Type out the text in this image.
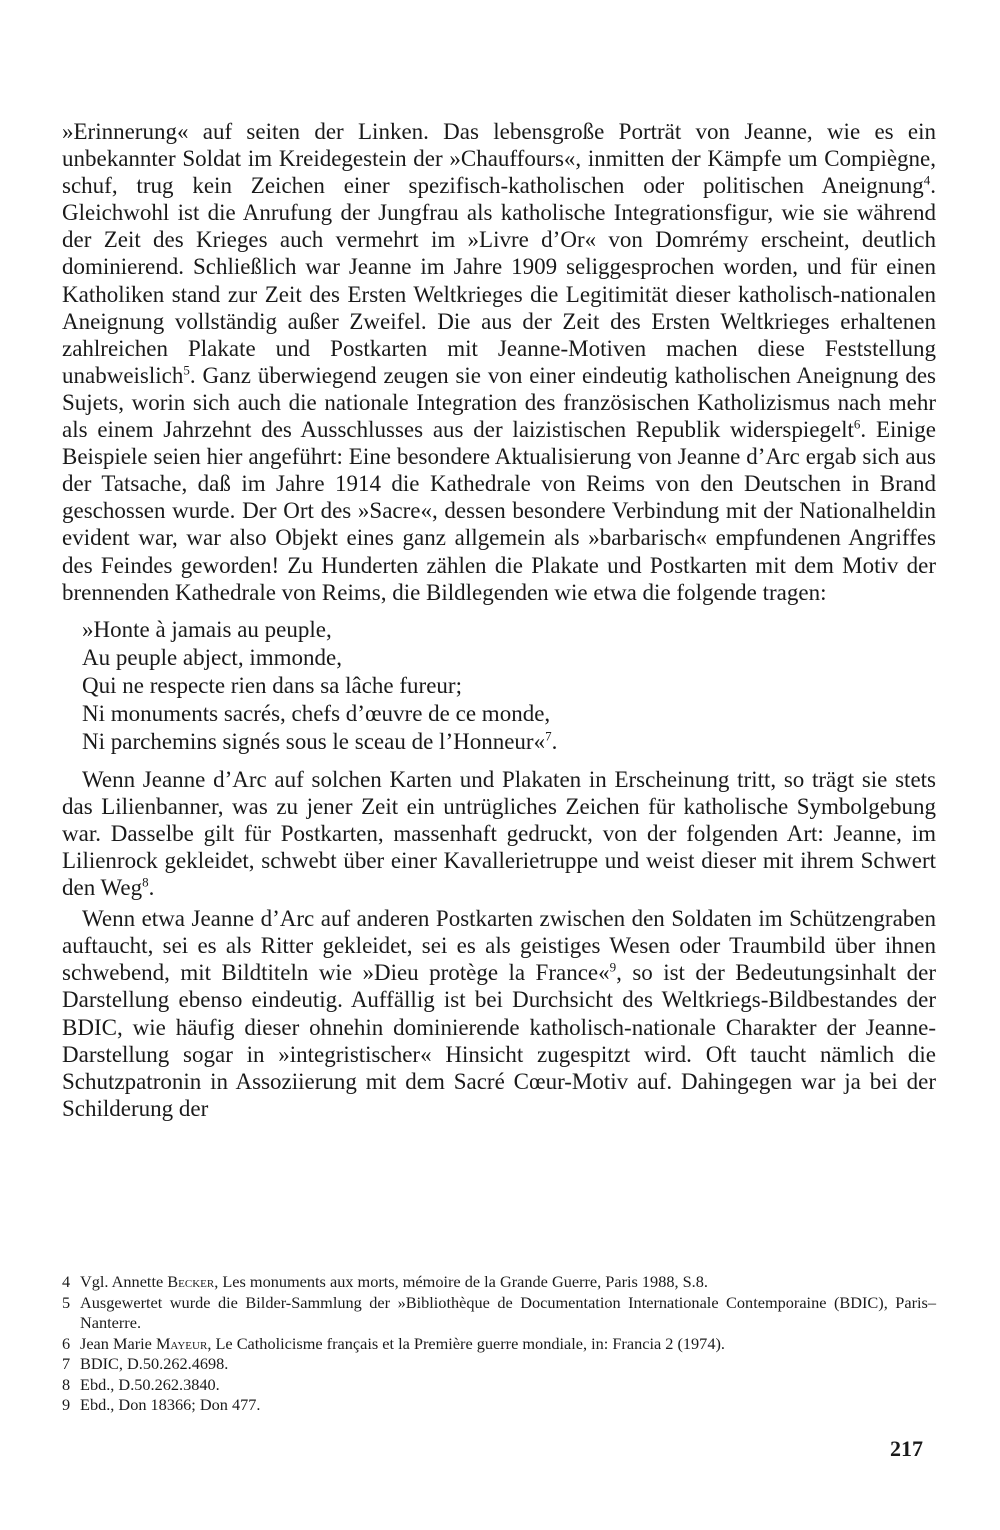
»Erinnerung« auf seiten der Linken. Das lebensgroße Porträt von Jeanne, wie es ein unbekannter Soldat im Kreidegestein der »Chauffours«, inmitten der Kämpfe um Compiègne, schuf, trug kein Zeichen einer spezifisch-katholischen oder politischen Aneignung$^4$. Gleichwohl ist die Anrufung der Jungfrau als katholische Integrationsfigur, wie sie während der Zeit des Krieges auch vermehrt im »Livre d’Or« von Domrémy erscheint, deutlich dominierend. Schließlich war Jeanne im Jahre 1909 seliggesprochen worden, und für einen Katholiken stand zur Zeit des Ersten Weltkrieges die Legitimität dieser katholisch-nationalen Aneignung vollständig außer Zweifel. Die aus der Zeit des Ersten Weltkrieges erhaltenen zahlreichen Plakate und Postkarten mit Jeanne-Motiven machen diese Feststellung unabweislich$^5$. Ganz überwiegend zeugen sie von einer eindeutig katholischen Aneignung des Sujets, worin sich auch die nationale Integration des französischen Katholizismus nach mehr als einem Jahrzehnt des Ausschlusses aus der laizistischen Republik widerspiegelt$^6$. Einige Beispiele seien hier angeführt: Eine besondere Aktualisierung von Jeanne d’Arc ergab sich aus der Tatsache, daß im Jahre 1914 die Kathedrale von Reims von den Deutschen in Brand geschossen wurde. Der Ort des »Sacre«, dessen besondere Verbindung mit der Nationalheldin evident war, war also Objekt eines ganz allgemein als »barbarisch« empfundenen Angriffes des Feindes geworden! Zu Hunderten zählen die Plakate und Postkarten mit dem Motiv der brennenden Kathedrale von Reims, die Bildlegenden wie etwa die folgende tragen:

»Honte à jamais au peuple,
Au peuple abject, immonde,
Qui ne respecte rien dans sa lâche fureur;
Ni monuments sacrés, chefs d’œuvre de ce monde,
Ni parchemins signés sous le sceau de l’Honneur«$^7$.

Wenn Jeanne d’Arc auf solchen Karten und Plakaten in Erscheinung tritt, so trägt sie stets das Lilienbanner, was zu jener Zeit ein untrügliches Zeichen für katholische Symbolgebung war. Dasselbe gilt für Postkarten, massenhaft gedruckt, von der folgenden Art: Jeanne, im Lilienrock gekleidet, schwebt über einer Kavallerietruppe und weist dieser mit ihrem Schwert den Weg$^8$.

Wenn etwa Jeanne d’Arc auf anderen Postkarten zwischen den Soldaten im Schützengraben auftaucht, sei es als Ritter gekleidet, sei es als geistiges Wesen oder Traumbild über ihnen schwebend, mit Bildtiteln wie »Dieu protège la France«$^9$, so ist der Bedeutungsinhalt der Darstellung ebenso eindeutig. Auffällig ist bei Durchsicht des Weltkriegs-Bildbestandes der BDIC, wie häufig dieser ohnehin dominierende katholisch-nationale Charakter der Jeanne-Darstellung sogar in »integristischer« Hinsicht zugespitzt wird. Oft taucht nämlich die Schutzpatronin in Assoziierung mit dem Sacré Cœur-Motiv auf. Dahingegen war ja bei der Schilderung der

4 Vgl. Annette Becker, Les monuments aux morts, mémoire de la Grande Guerre, Paris 1988, S.8.
5 Ausgewertet wurde die Bilder-Sammlung der »Bibliothèque de Documentation Internationale Contemporaine (BDIC), Paris–Nanterre.
6 Jean Marie Mayeur, Le Catholicisme français et la Première guerre mondiale, in: Francia 2 (1974).
7 BDIC, D.50.262.4698.
8 Ebd., D.50.262.3840.
9 Ebd., Don 18366; Don 477.
217
